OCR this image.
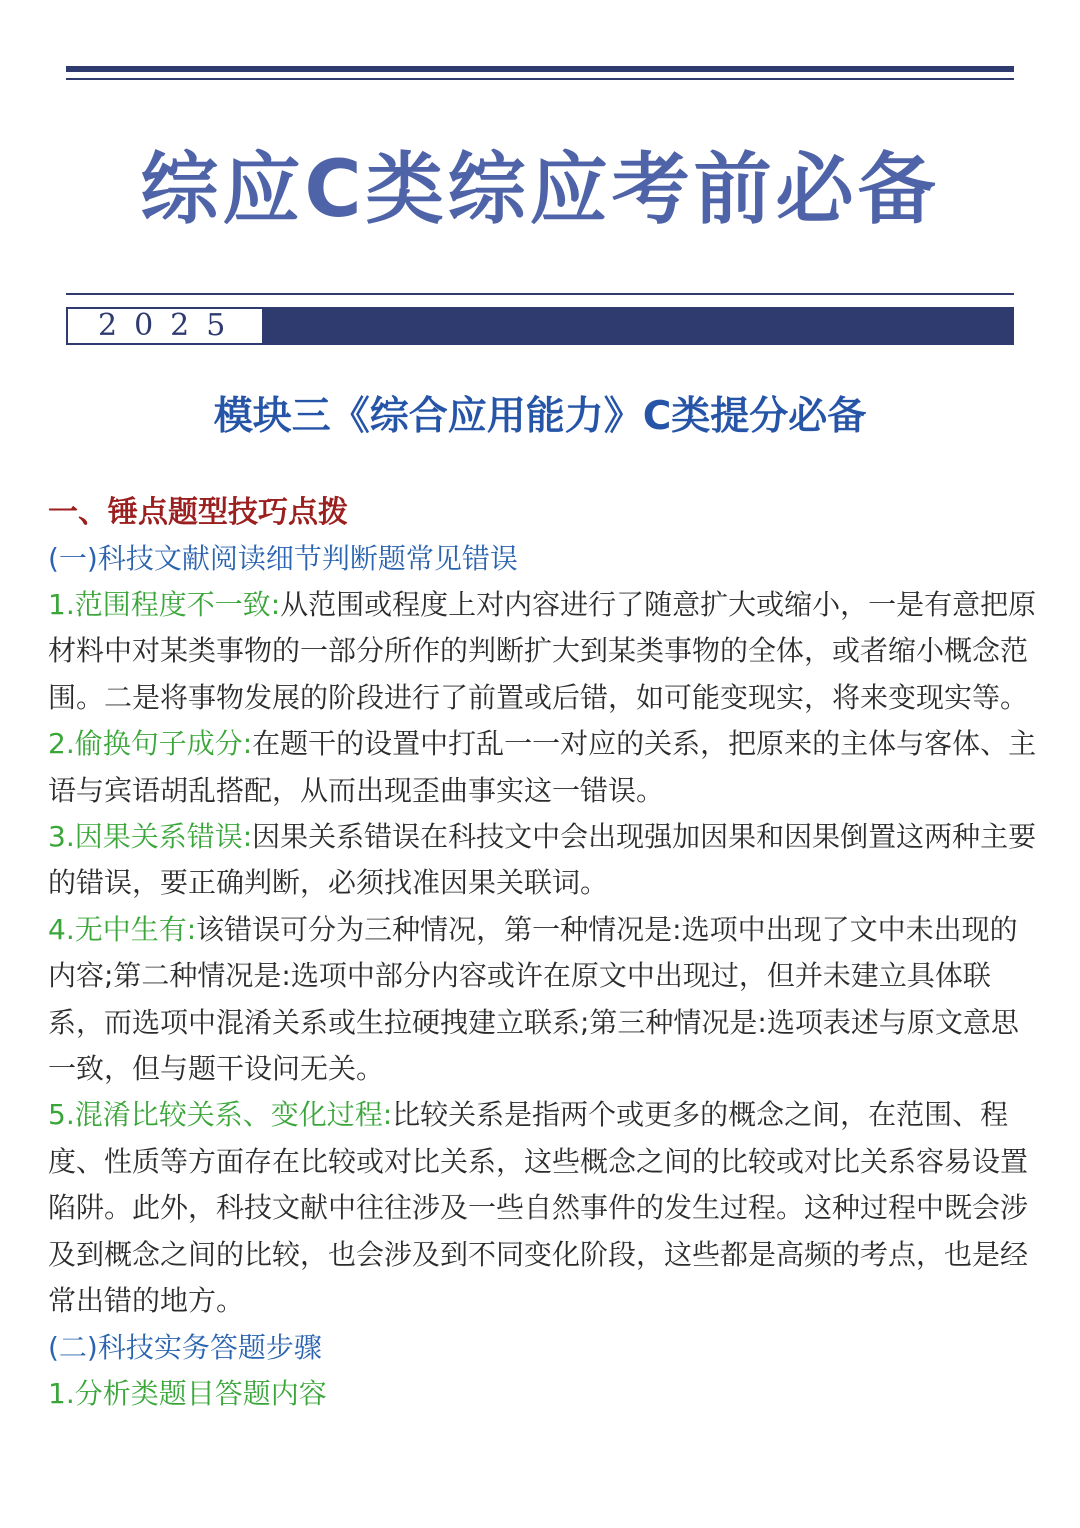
综应C类综应考前必备
2025
模块三《综合应用能力》C类提分必备
一、锤点题型技巧点拨
(一)科技文献阅读细节判断题常见错误
1.范围程度不一致:从范围或程度上对内容进行了随意扩大或缩小，一是有意把原材料中对某类事物的一部分所作的判断扩大到某类事物的全体，或者缩小概念范围。二是将事物发展的阶段进行了前置或后错，如可能变现实，将来变现实等。
2.偷换句子成分:在题干的设置中打乱一一对应的关系，把原来的主体与客体、主语与宾语胡乱搭配，从而出现歪曲事实这一错误。
3.因果关系错误:因果关系错误在科技文中会出现强加因果和因果倒置这两种主要的错误，要正确判断，必须找准因果关联词。
4.无中生有:该错误可分为三种情况，第一种情况是:选项中出现了文中未出现的内容;第二种情况是:选项中部分内容或许在原文中出现过，但并未建立具体联系，而选项中混淆关系或生拉硬拽建立联系;第三种情况是:选项表述与原文意思一致，但与题干设问无关。
5.混淆比较关系、变化过程:比较关系是指两个或更多的概念之间，在范围、程度、性质等方面存在比较或对比关系，这些概念之间的比较或对比关系容易设置陷阱。此外，科技文献中往往涉及一些自然事件的发生过程。这种过程中既会涉及到概念之间的比较，也会涉及到不同变化阶段，这些都是高频的考点，也是经常出错的地方。
(二)科技实务答题步骤
1.分析类题目答题内容
